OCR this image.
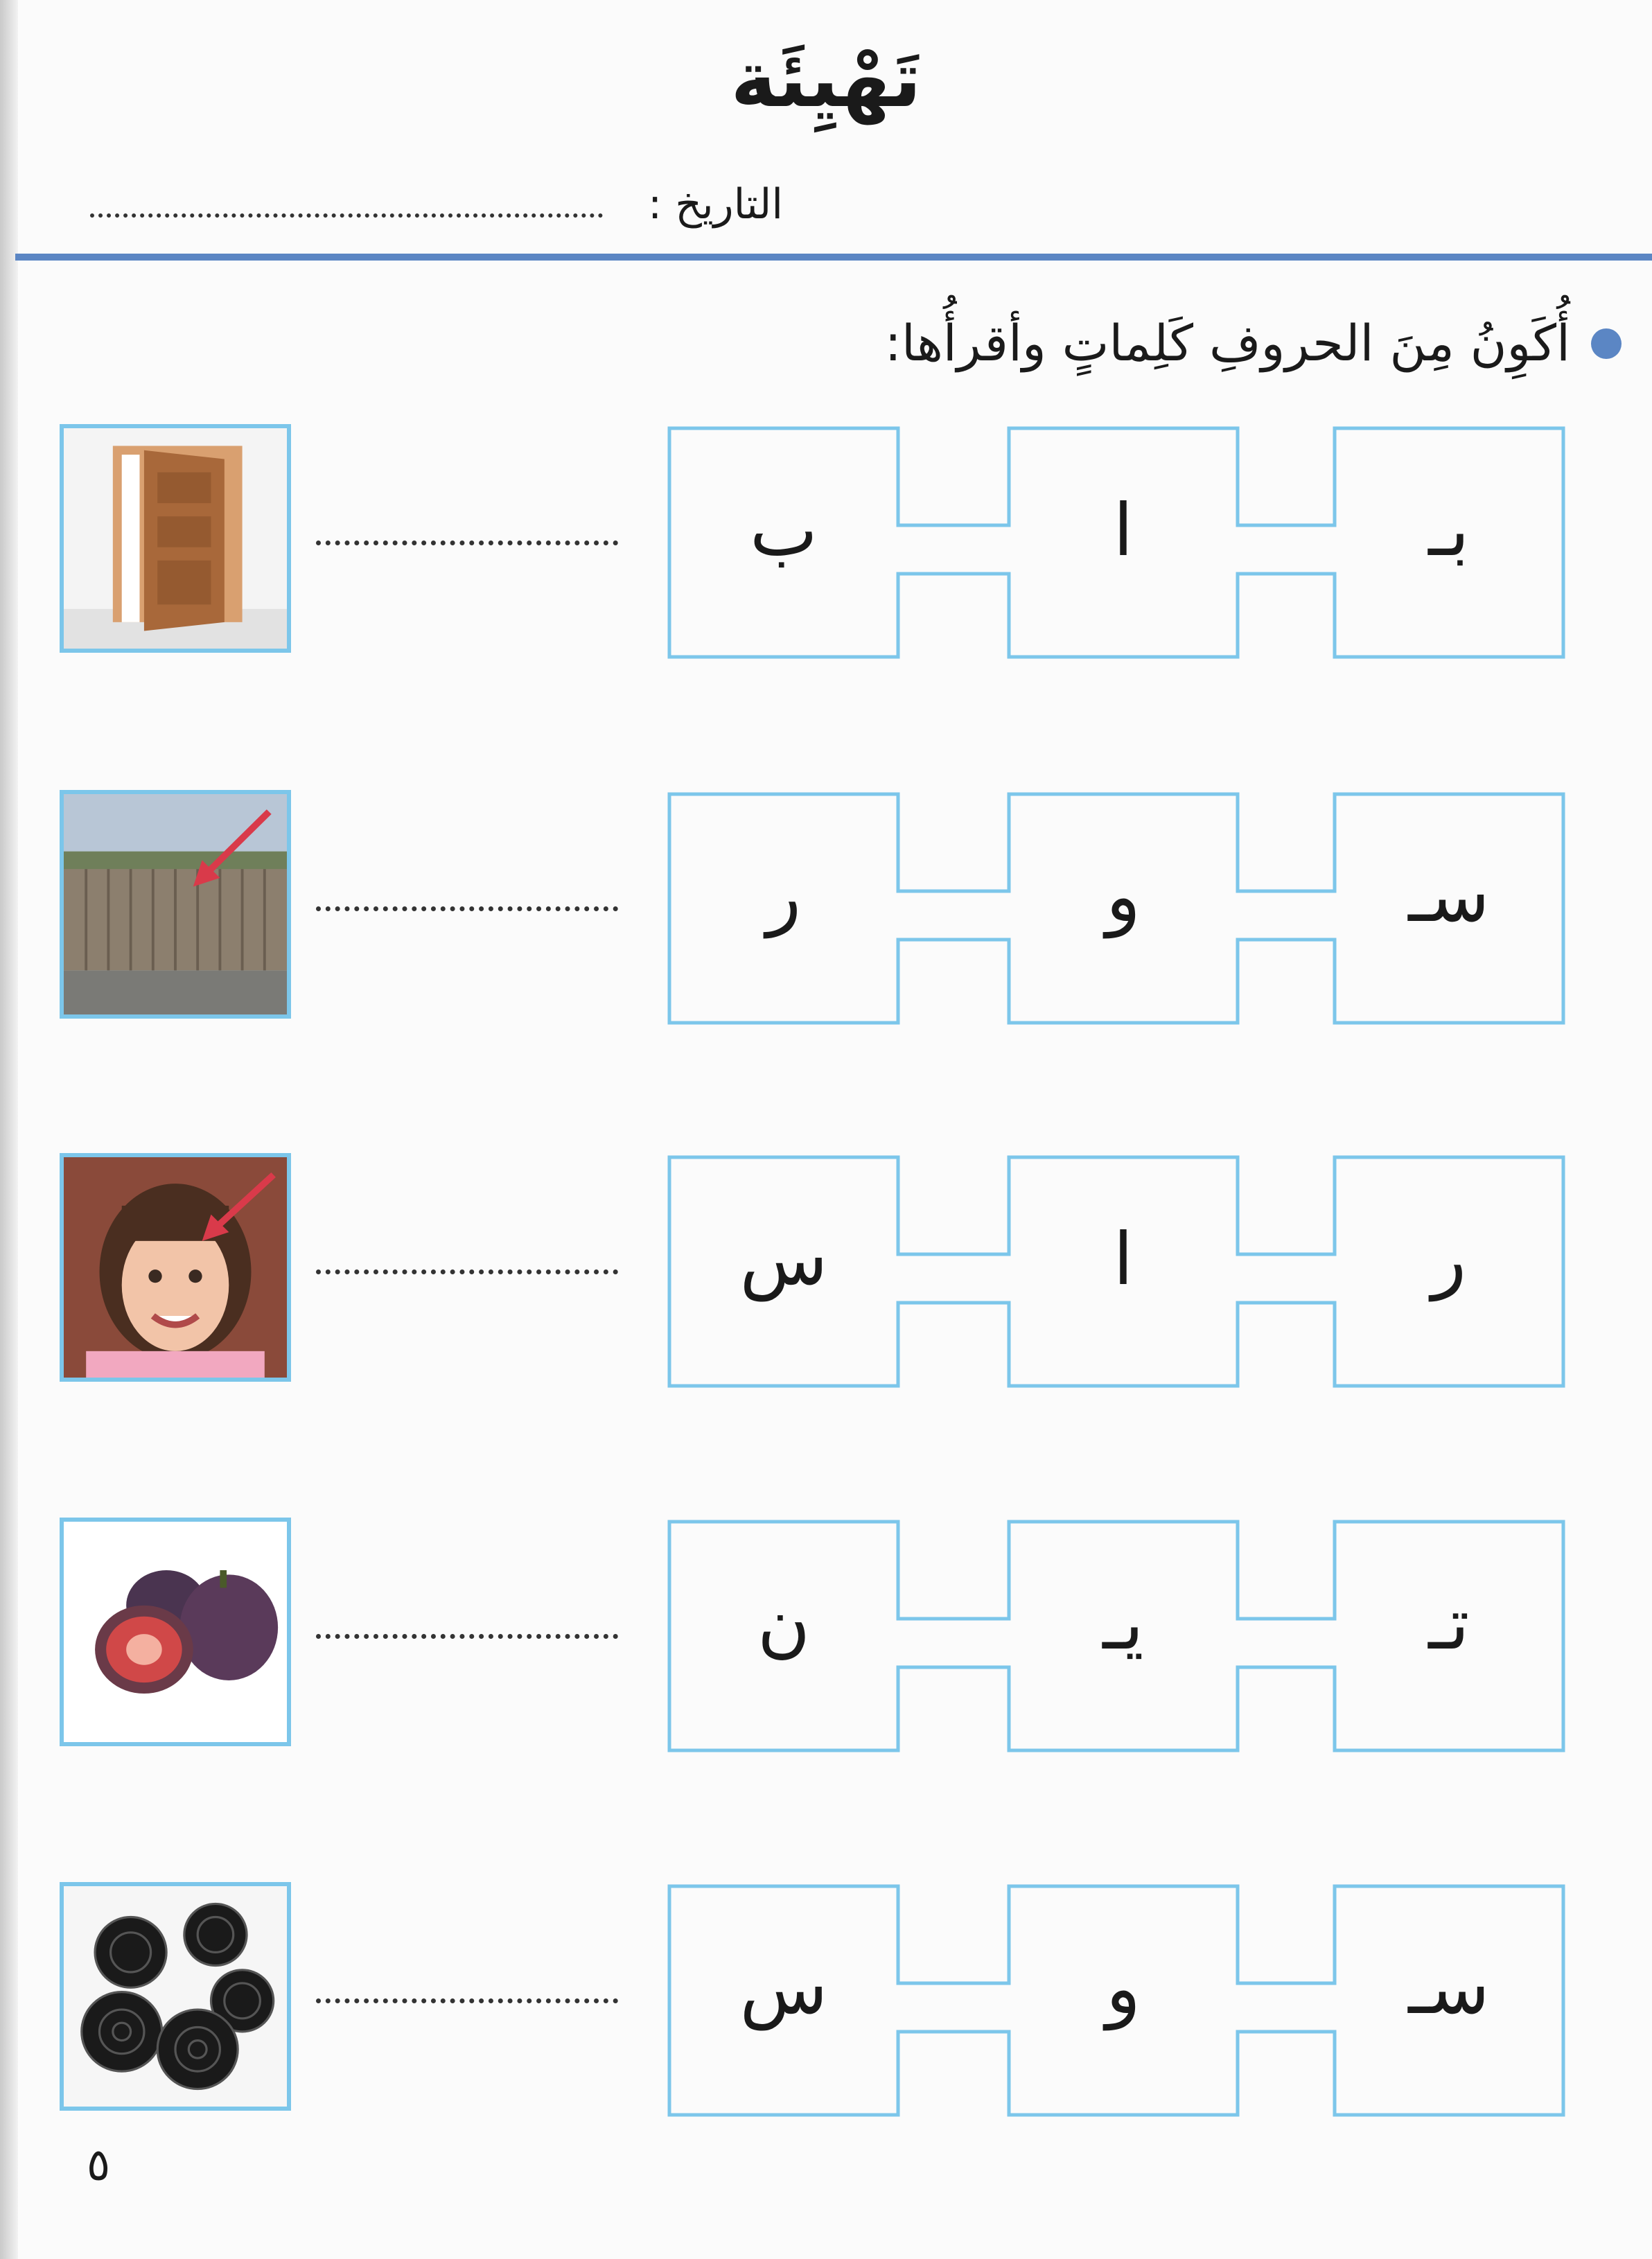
تَهْيِئَة
التاريخ :
أُكَوِنُ مِنَ الحروفِ كَلِماتٍ وأقرأُها:
بـ
ا
ب
سـ
و
ر
ر
ا
س
تـ
يـ
ن
سـ
و
س
٥
